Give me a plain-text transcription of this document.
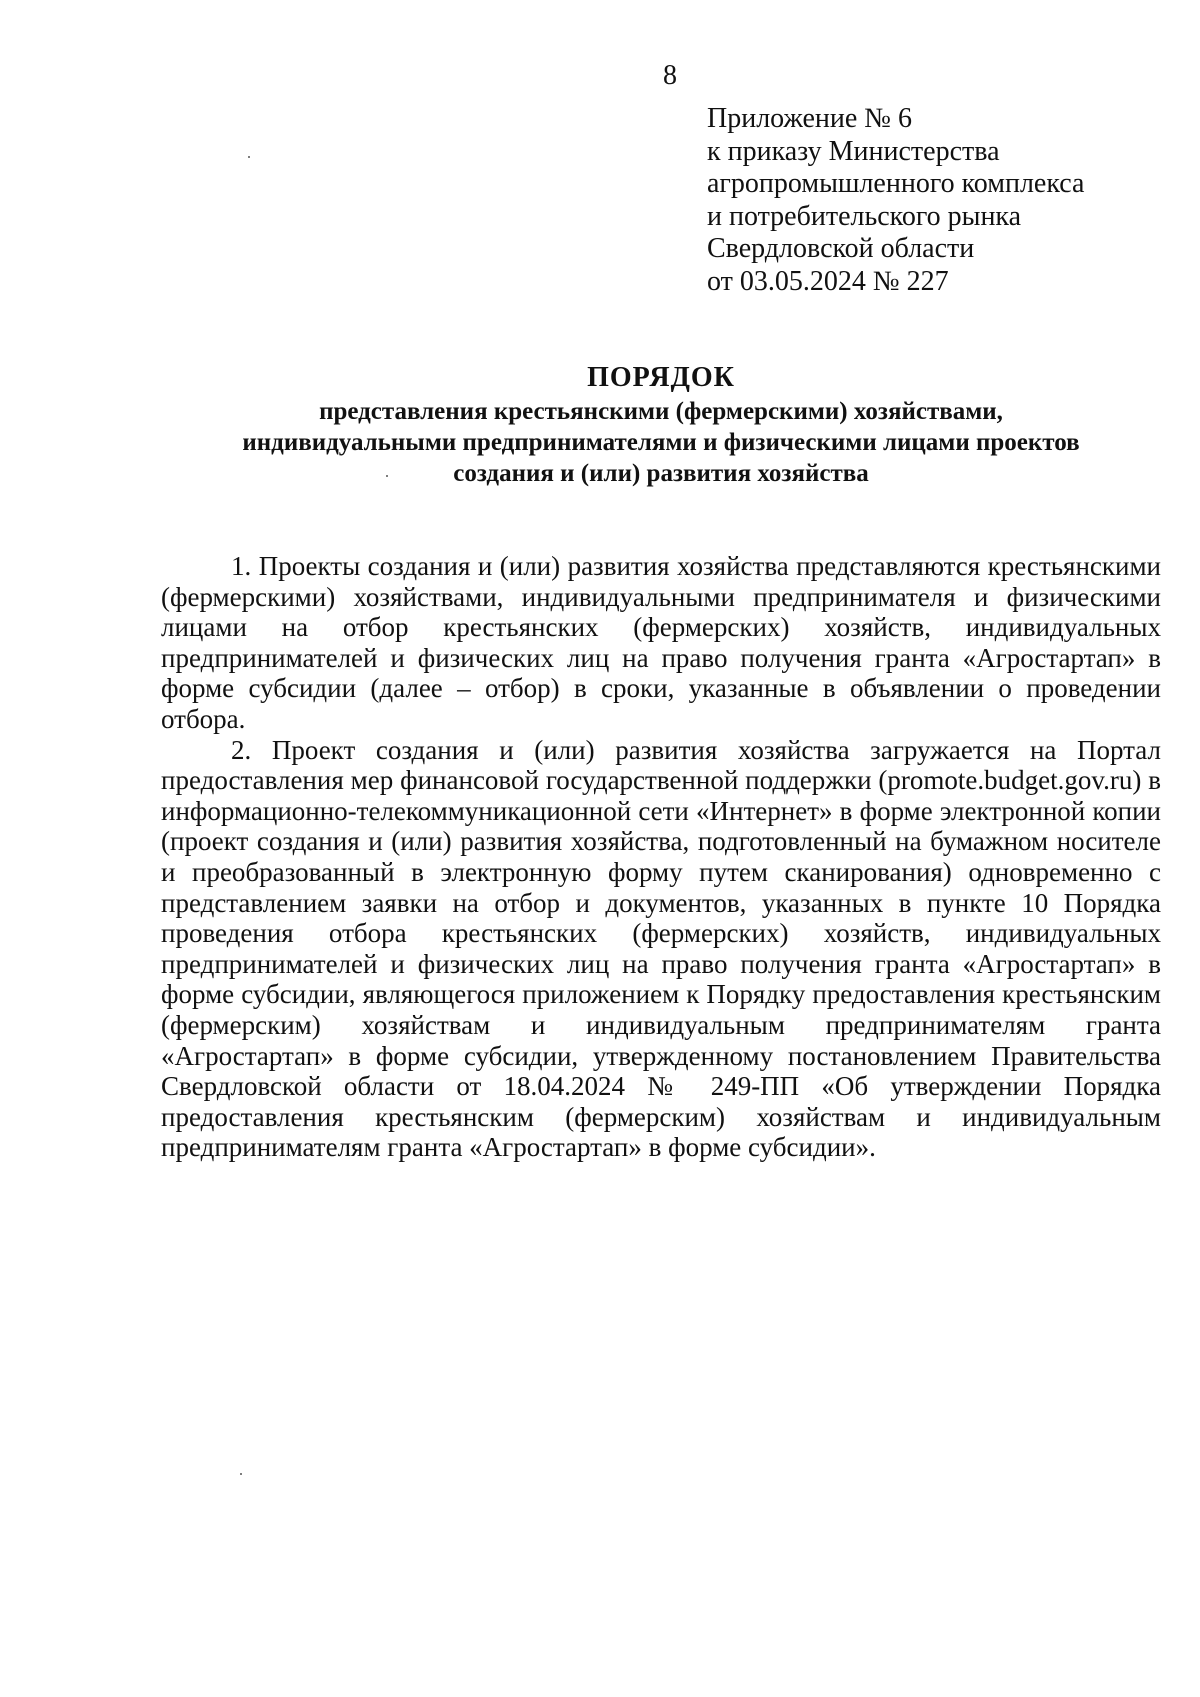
8
Приложение № 6
к приказу Министерства
агропромышленного комплекса
и потребительского рынка
Свердловской области
от 03.05.2024 № 227
ПОРЯДОК
представления крестьянскими (фермерскими) хозяйствами,
индивидуальными предпринимателями и физическими лицами проектов
создания и (или) развития хозяйства

1. Проекты создания и (или) развития хозяйства представляются крестьянскими (фермерскими) хозяйствами, индивидуальными предпринимателя и физическими лицами на отбор крестьянских (фермерских) хозяйств, индивидуальных предпринимателей и физических лиц на право получения гранта «Агростартап» в форме субсидии (далее – отбор) в сроки, указанные в объявлении о проведении отбора.

2. Проект создания и (или) развития хозяйства загружается на Портал предоставления мер финансовой государственной поддержки (promote.budget.gov.ru) в информационно-телекоммуникационной сети «Интернет» в форме электронной копии (проект создания и (или) развития хозяйства, подготовленный на бумажном носителе и преобразованный в электронную форму путем сканирования) одновременно с представлением заявки на отбор и документов, указанных в пункте 10 Порядка проведения отбора крестьянских (фермерских) хозяйств, индивидуальных предпринимателей и физических лиц на право получения гранта «Агростартап» в форме субсидии, являющегося приложением к Порядку предоставления крестьянским (фермерским) хозяйствам и индивидуальным предпринимателям гранта «Агростартап» в форме субсидии, утвержденному постановлением Правительства Свердловской области от 18.04.2024 № 249-ПП «Об утверждении Порядка предоставления крестьянским (фермерским) хозяйствам и индивидуальным предпринимателям гранта «Агростартап» в форме субсидии».
